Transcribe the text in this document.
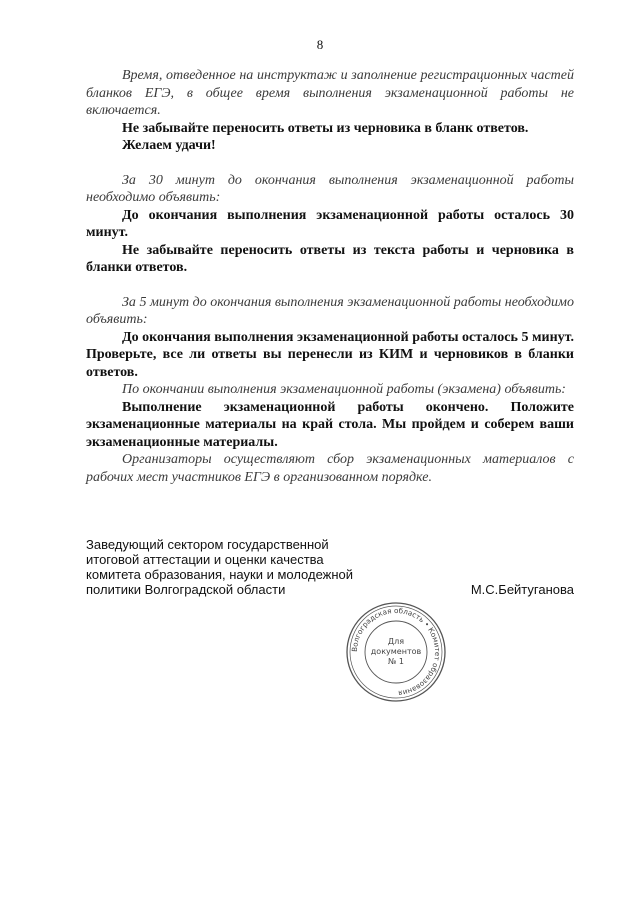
8

Время, отведенное на инструктаж и заполнение регистрационных частей бланков ЕГЭ, в общее время выполнения экзаменационной работы не включается.

Не забывайте переносить ответы из черновика в бланк ответов.

Желаем удачи!

За 30 минут до окончания выполнения экзаменационной работы необходимо объявить:

До окончания выполнения экзаменационной работы осталось 30 минут.

Не забывайте переносить ответы из текста работы и черновика в бланки ответов.

За 5 минут до окончания выполнения экзаменационной работы необходимо объявить:

До окончания выполнения экзаменационной работы осталось 5 минут. Проверьте, все ли ответы вы перенесли из КИМ и черновиков в бланки ответов.

По окончании выполнения экзаменационной работы (экзамена) объявить:

Выполнение экзаменационной работы окончено. Положите экзаменационные материалы на край стола. Мы пройдем и соберем ваши экзаменационные материалы.

Организаторы осуществляют сбор экзаменационных материалов с рабочих мест участников ЕГЭ в организованном порядке.

Заведующий сектором государственной
итоговой аттестации и оценки качества
комитета образования, науки и молодежной
политики Волгоградской области	М.С.Бейтуганова
Волгоградская область • Комитет образования
Для
документов
№ 1
